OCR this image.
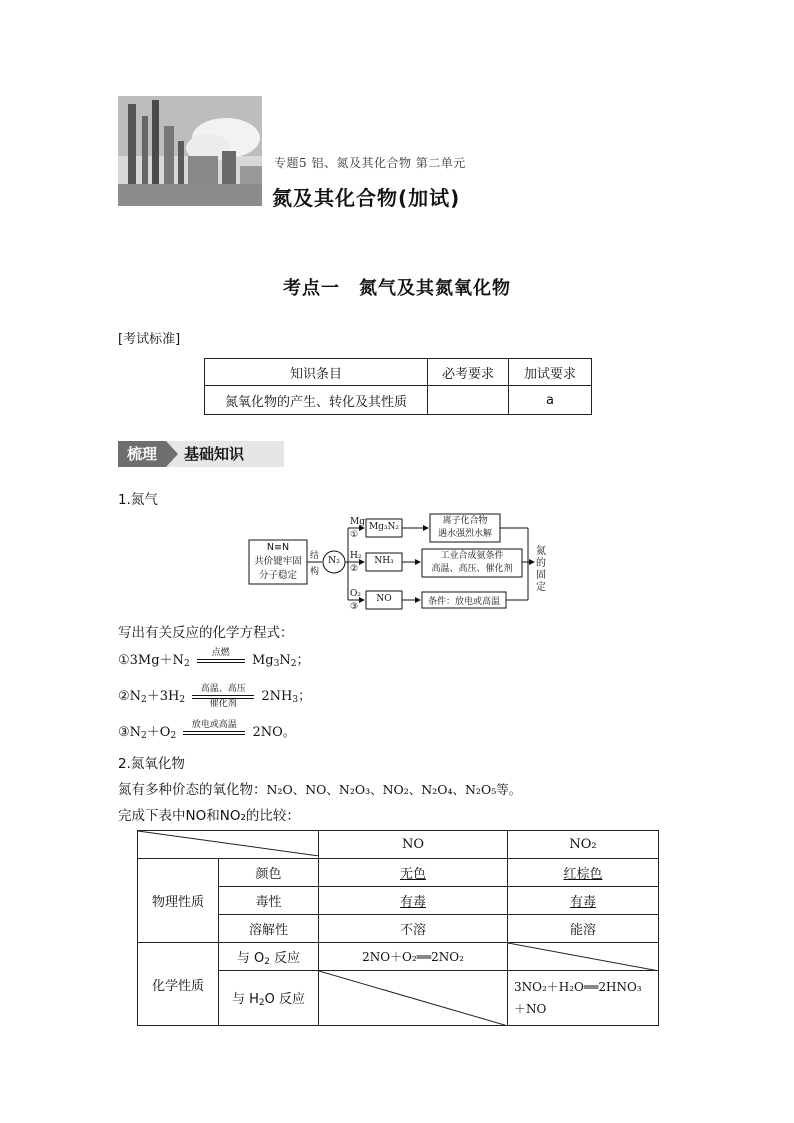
专题5 铝、氮及其化合物 第二单元
氮及其化合物(加试)
考点一　氮气及其氮氧化物
[考试标准]
知识条目	必考要求	加试要求
氮氧化物的产生、转化及其性质		a
梳理	基础知识
1.氮气
N≡N
共价键牢固
分子稳定
结
构
N₂
Mg
①
H₂
②
O₂
③
Mg₃N₂
NH₃
NO
离子化合物
遇水强烈水解
工业合成氨条件
高温、高压、催化剂
条件：放电或高温
氮的固定
写出有关反应的化学方程式：
$①3Mg+N_2$
点燃
	$Mg_3N_2$；
$②N_2+3H_2$
高温、高压
催化剂	$2NH_3$；
$③N_2+O_2$
放电或高温
	2NO。
2.氮氧化物
氮有多种价态的氧化物：N₂O、NO、N₂O₃、NO₂、N₂O₄、N₂O₅等。
完成下表中NO和NO₂的比较：
	NO	NO₂
物理性质	颜色	无色	红棕色
	毒性	有毒	有毒
	溶解性	不溶	能溶
化学性质	与 $O_2$ 反应	2NO＋O₂══2NO₂	

	与 $H_2O$ 反应		3NO₂＋H₂O══2HNO₃
＋NO
